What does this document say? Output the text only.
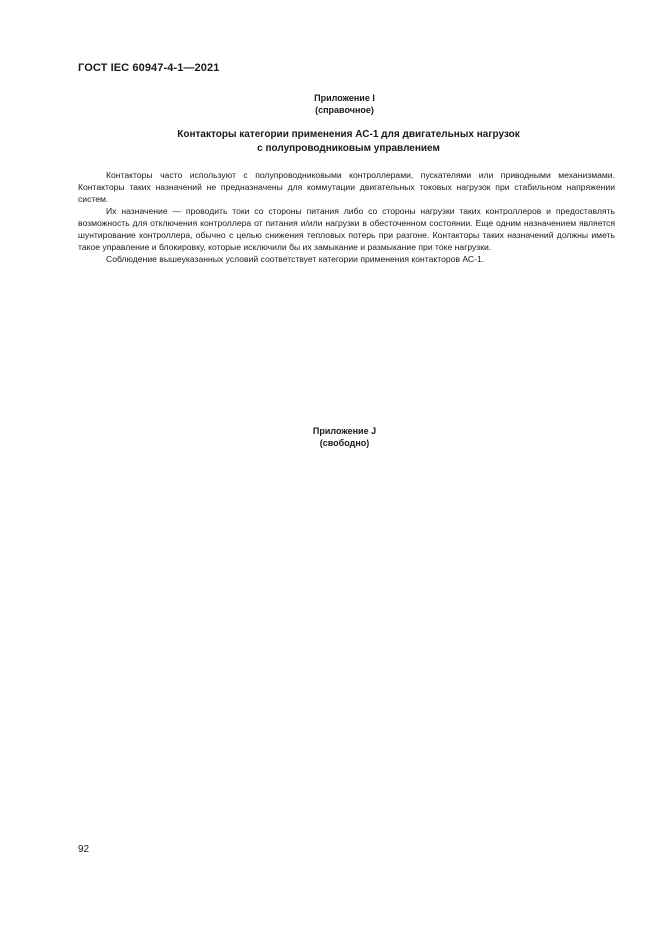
ГОСТ IEC 60947-4-1—2021
Приложение I
(справочное)
Контакторы категории применения АС-1 для двигательных нагрузок
с полупроводниковым управлением

Контакторы часто используют с полупроводниковыми контроллерами, пускателями или приводными механизмами. Контакторы таких назначений не предназначены для коммутации двигательных токовых нагрузок при стабильном напряжении систем.

Их назначение — проводить токи со стороны питания либо со стороны нагрузки таких контроллеров и предоставлять возможность для отключения контроллера от питания и/или нагрузки в обесточенном состоянии. Еще одним назначением является шунтирование контроллера, обычно с целью снижения тепловых потерь при разгоне. Контакторы таких назначений должны иметь такое управление и блокировку, которые исключили бы их замыкание и размыкание при токе нагрузки.

Соблюдение вышеуказанных условий соответствует категории применения контакторов АС-1.

Приложение J
(свободно)
92
